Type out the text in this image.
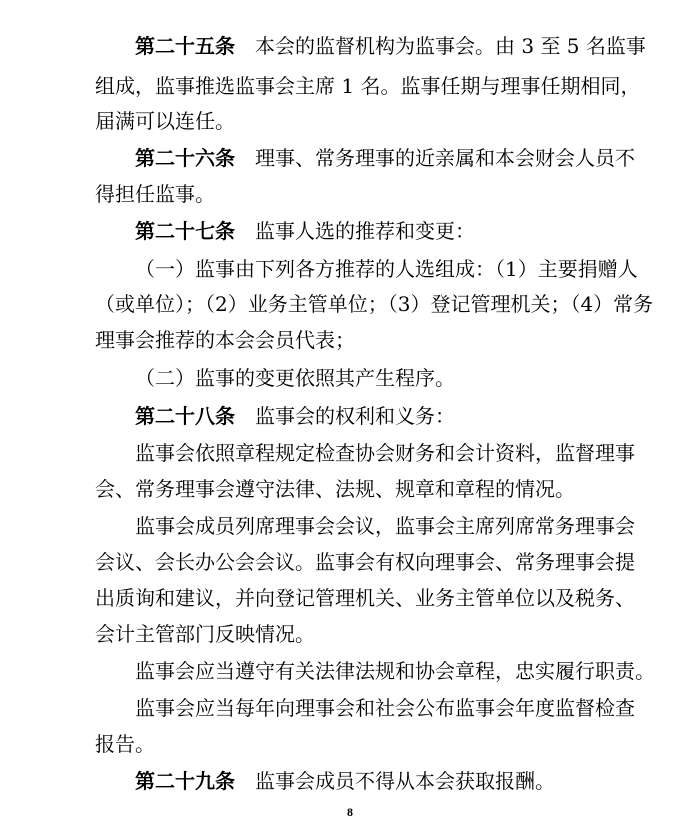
第二十五条 本会的监督机构为监事会。由 3 至 5 名监事
组成，监事推选监事会主席 1 名。监事任期与理事任期相同，
届满可以连任。
第二十六条 理事、常务理事的近亲属和本会财会人员不
得担任监事。
第二十七条 监事人选的推荐和变更：
（一）监事由下列各方推荐的人选组成：（1）主要捐赠人
（或单位）；（2）业务主管单位；（3）登记管理机关；（4）常务
理事会推荐的本会会员代表；
（二）监事的变更依照其产生程序。
第二十八条 监事会的权利和义务：
监事会依照章程规定检查协会财务和会计资料，监督理事
会、常务理事会遵守法律、法规、规章和章程的情况。
监事会成员列席理事会会议，监事会主席列席常务理事会
会议、会长办公会会议。监事会有权向理事会、常务理事会提
出质询和建议，并向登记管理机关、业务主管单位以及税务、
会计主管部门反映情况。
监事会应当遵守有关法律法规和协会章程，忠实履行职责。
监事会应当每年向理事会和社会公布监事会年度监督检查
报告。
第二十九条 监事会成员不得从本会获取报酬。
8
